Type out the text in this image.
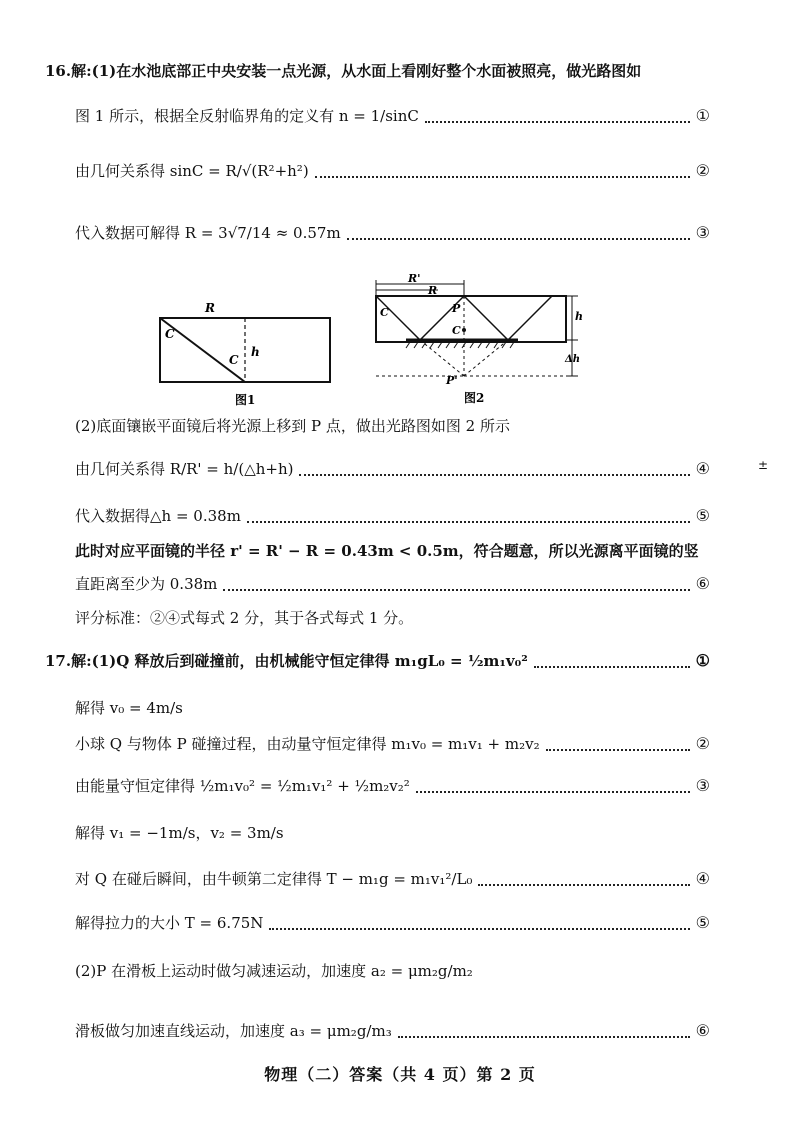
16.解:(1)在水池底部正中央安装一点光源，从水面上看刚好整个水面被照亮，做光路图如
图 1 所示，根据全反射临界角的定义有 n = 1/sinC	①
由几何关系得 sinC = R/√(R²+h²)	②
代入数据可解得 R = 3√7/14 ≈ 0.57m	③
R
C
C
h
图1
R'
R
P
C
C
h
Δh
P'
图2
(2)底面镶嵌平面镜后将光源上移到 P 点，做出光路图如图 2 所示
由几何关系得 R/R' = h/(△h+h)	④
代入数据得△h = 0.38m	⑤
此时对应平面镜的半径 r' = R' − R = 0.43m < 0.5m，符合题意，所以光源离平面镜的竖
直距离至少为 0.38m	⑥
评分标准：②④式每式 2 分，其于各式每式 1 分。
17.解:(1)Q 释放后到碰撞前，由机械能守恒定律得 m₁gL₀ = ½m₁v₀²	①
解得 v₀ = 4m/s
小球 Q 与物体 P 碰撞过程，由动量守恒定律得 m₁v₀ = m₁v₁ + m₂v₂	②
由能量守恒定律得 ½m₁v₀² = ½m₁v₁² + ½m₂v₂²	③
解得 v₁ = −1m/s，v₂ = 3m/s
对 Q 在碰后瞬间，由牛顿第二定律得 T − m₁g = m₁v₁²/L₀	④
解得拉力的大小 T = 6.75N	⑤
(2)P 在滑板上运动时做匀减速运动，加速度 a₂ = μm₂g/m₂
滑板做匀加速直线运动，加速度 a₃ = μm₂g/m₃	⑥
±
物理（二）答案（共 4 页）第 2 页
